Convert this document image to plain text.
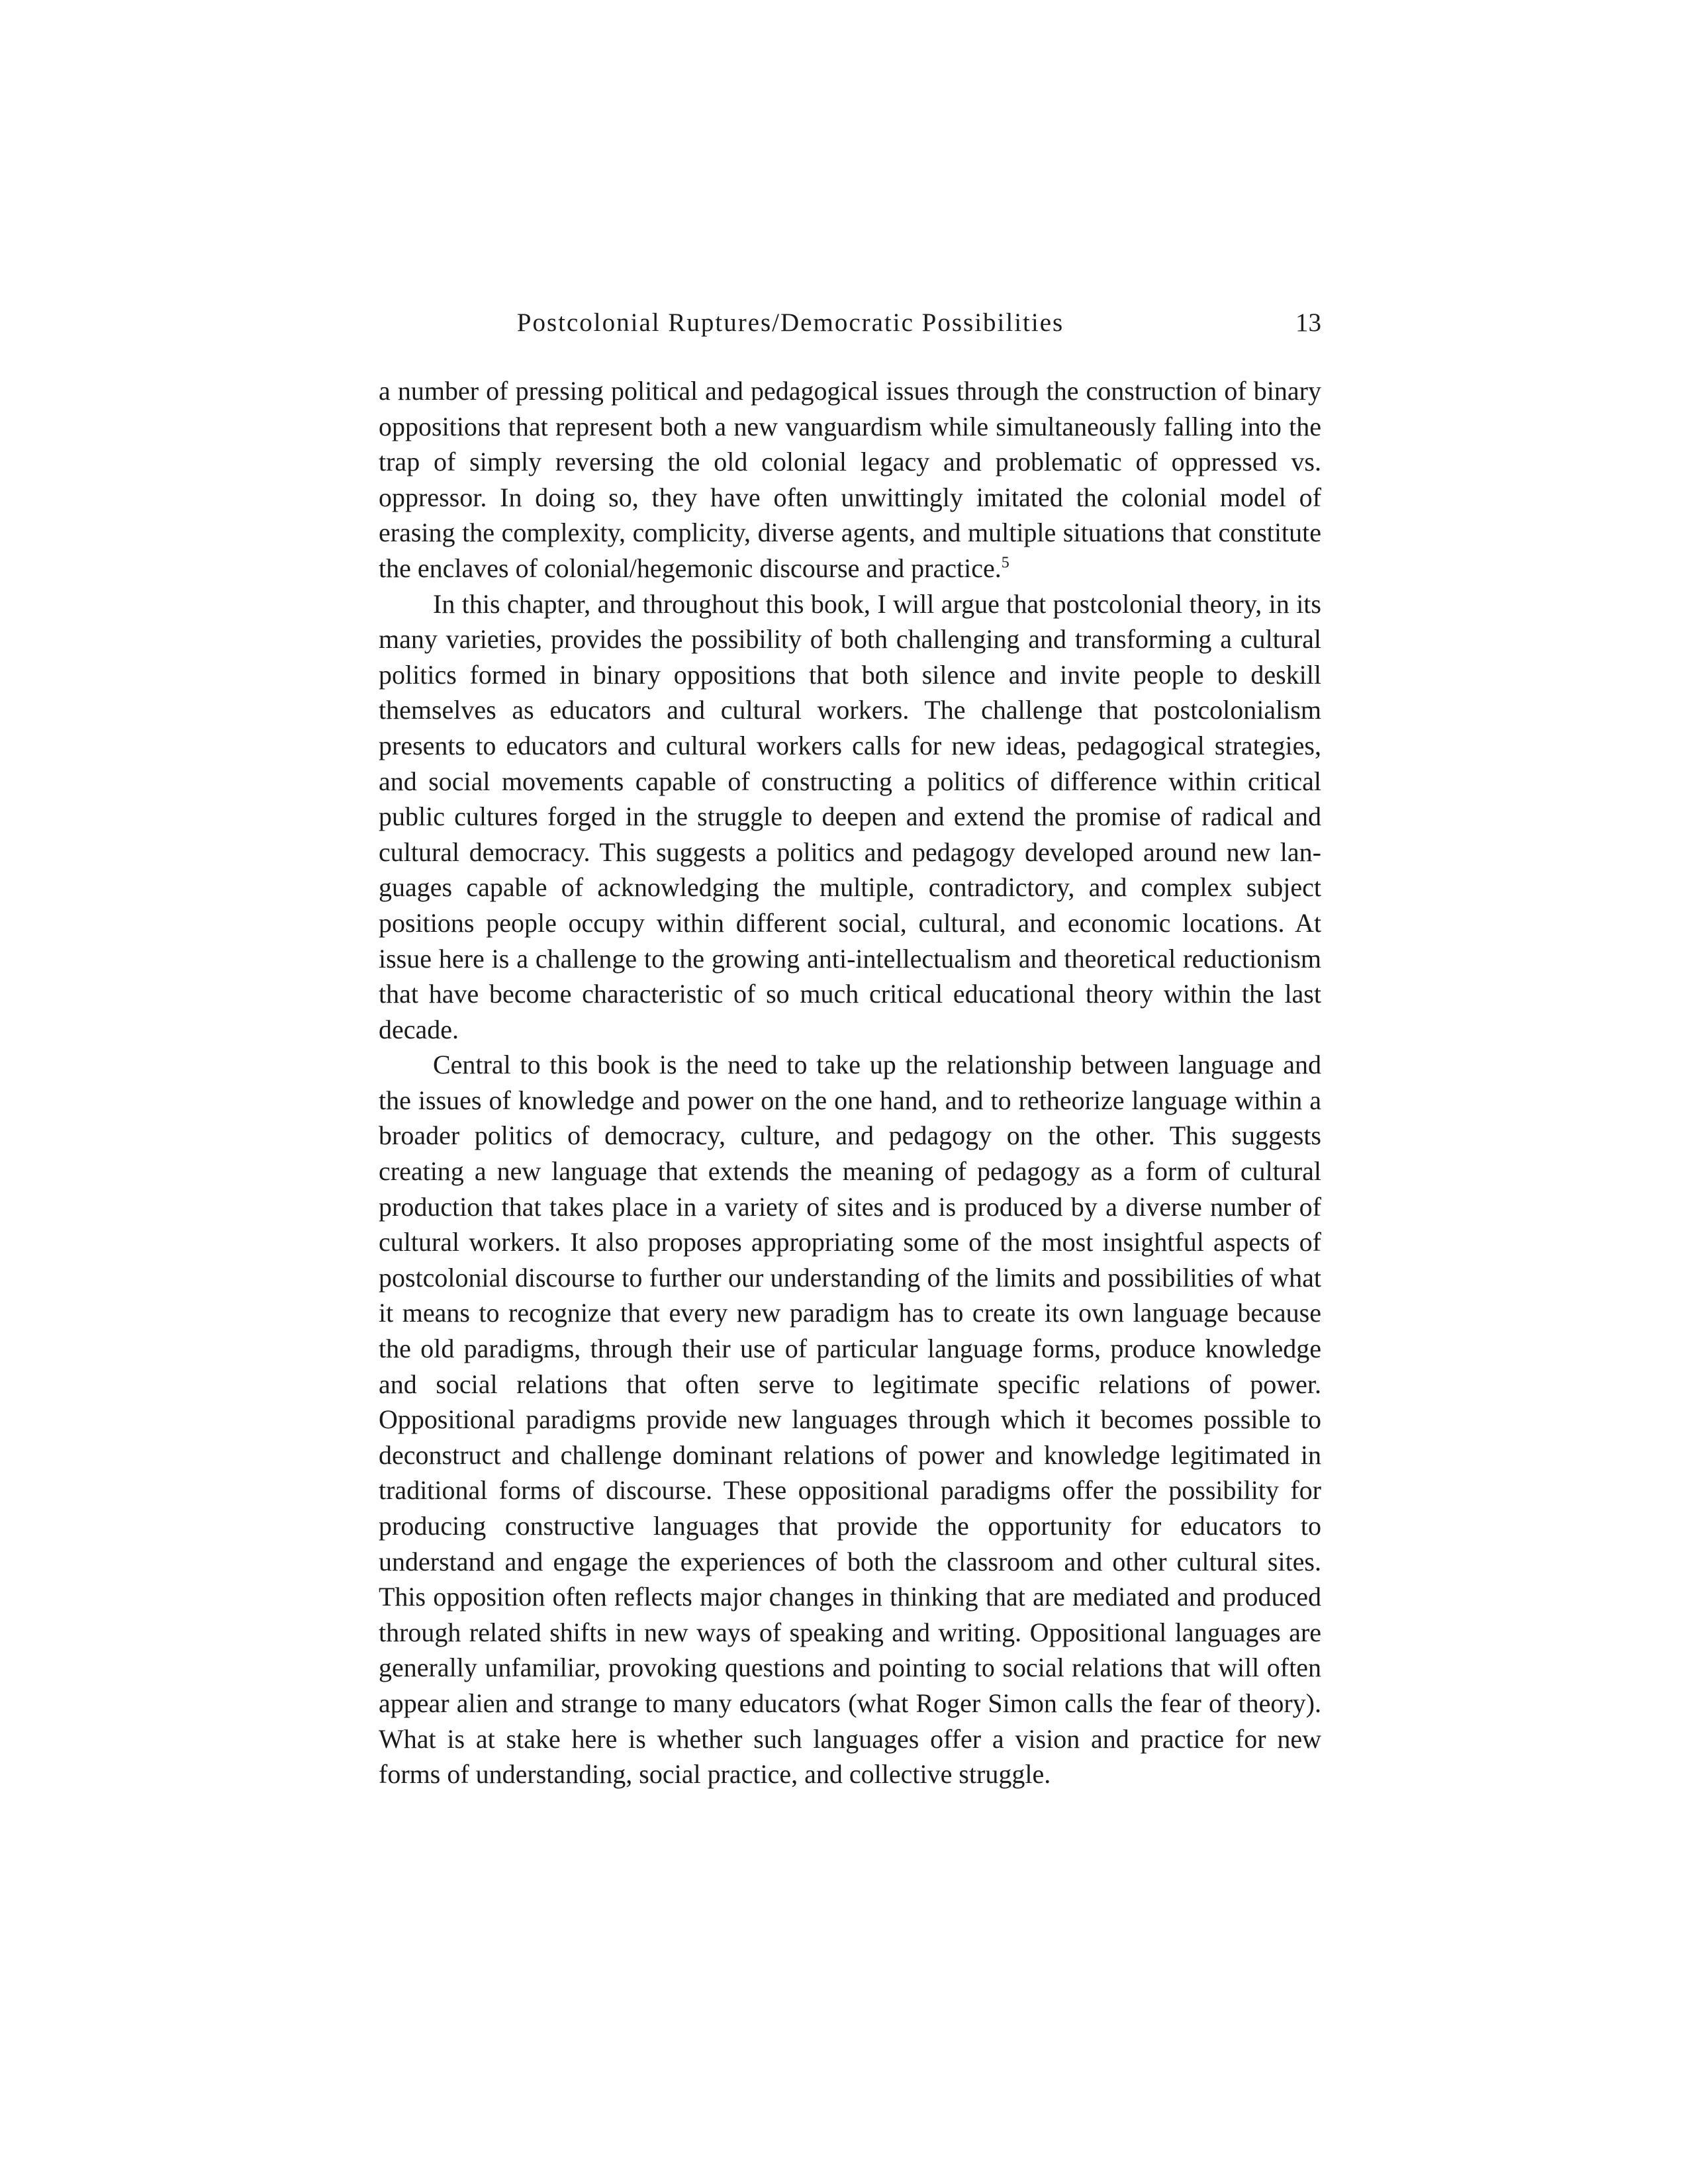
Postcolonial Ruptures/Democratic Possibilities	13

a number of pressing political and pedagogical issues through the construction of binary oppositions that represent both a new vanguardism while simultaneously falling into the trap of simply reversing the old colonial legacy and problematic of oppressed vs. oppressor. In doing so, they have often unwittingly imitated the colonial model of erasing the complexity, complicity, diverse agents, and multiple situations that constitute the enclaves of colonial/hegemonic discourse and practice.$^5$

In this chapter, and throughout this book, I will argue that postcolonial theory, in its many varieties, provides the possibility of both challenging and transforming a cultural politics formed in binary oppositions that both silence and invite people to deskill themselves as educators and cultural workers. The challenge that postcolonialism presents to educators and cultural workers calls for new ideas, pedagogical strategies, and social movements capable of constructing a politics of difference within critical public cultures forged in the struggle to deepen and extend the promise of radical and cultural democracy. This suggests a politics and pedagogy developed around new languages capable of acknowledging the multiple, contradictory, and complex subject positions people occupy within different social, cultural, and economic locations. At issue here is a challenge to the growing anti-intellectualism and theoretical reductionism that have become characteristic of so much critical educational theory within the last decade.

Central to this book is the need to take up the relationship between language and the issues of knowledge and power on the one hand, and to retheorize language within a broader politics of democracy, culture, and pedagogy on the other. This suggests creating a new language that extends the meaning of pedagogy as a form of cultural production that takes place in a variety of sites and is produced by a diverse number of cultural workers. It also proposes appropriating some of the most insightful aspects of postcolonial discourse to further our understanding of the limits and possibilities of what it means to recognize that every new paradigm has to create its own language because the old paradigms, through their use of particular language forms, produce knowledge and social relations that often serve to legitimate specific relations of power. Oppositional paradigms provide new languages through which it becomes possible to deconstruct and challenge dominant relations of power and knowledge legitimated in traditional forms of discourse. These oppositional paradigms offer the possibility for producing constructive languages that provide the opportunity for educators to understand and engage the experiences of both the classroom and other cultural sites. This opposition often reflects major changes in thinking that are mediated and produced through related shifts in new ways of speaking and writing. Oppositional languages are generally unfamiliar, provoking questions and pointing to social relations that will often appear alien and strange to many educators (what Roger Simon calls the fear of theory). What is at stake here is whether such languages offer a vision and practice for new forms of understanding, social practice, and collective struggle.
